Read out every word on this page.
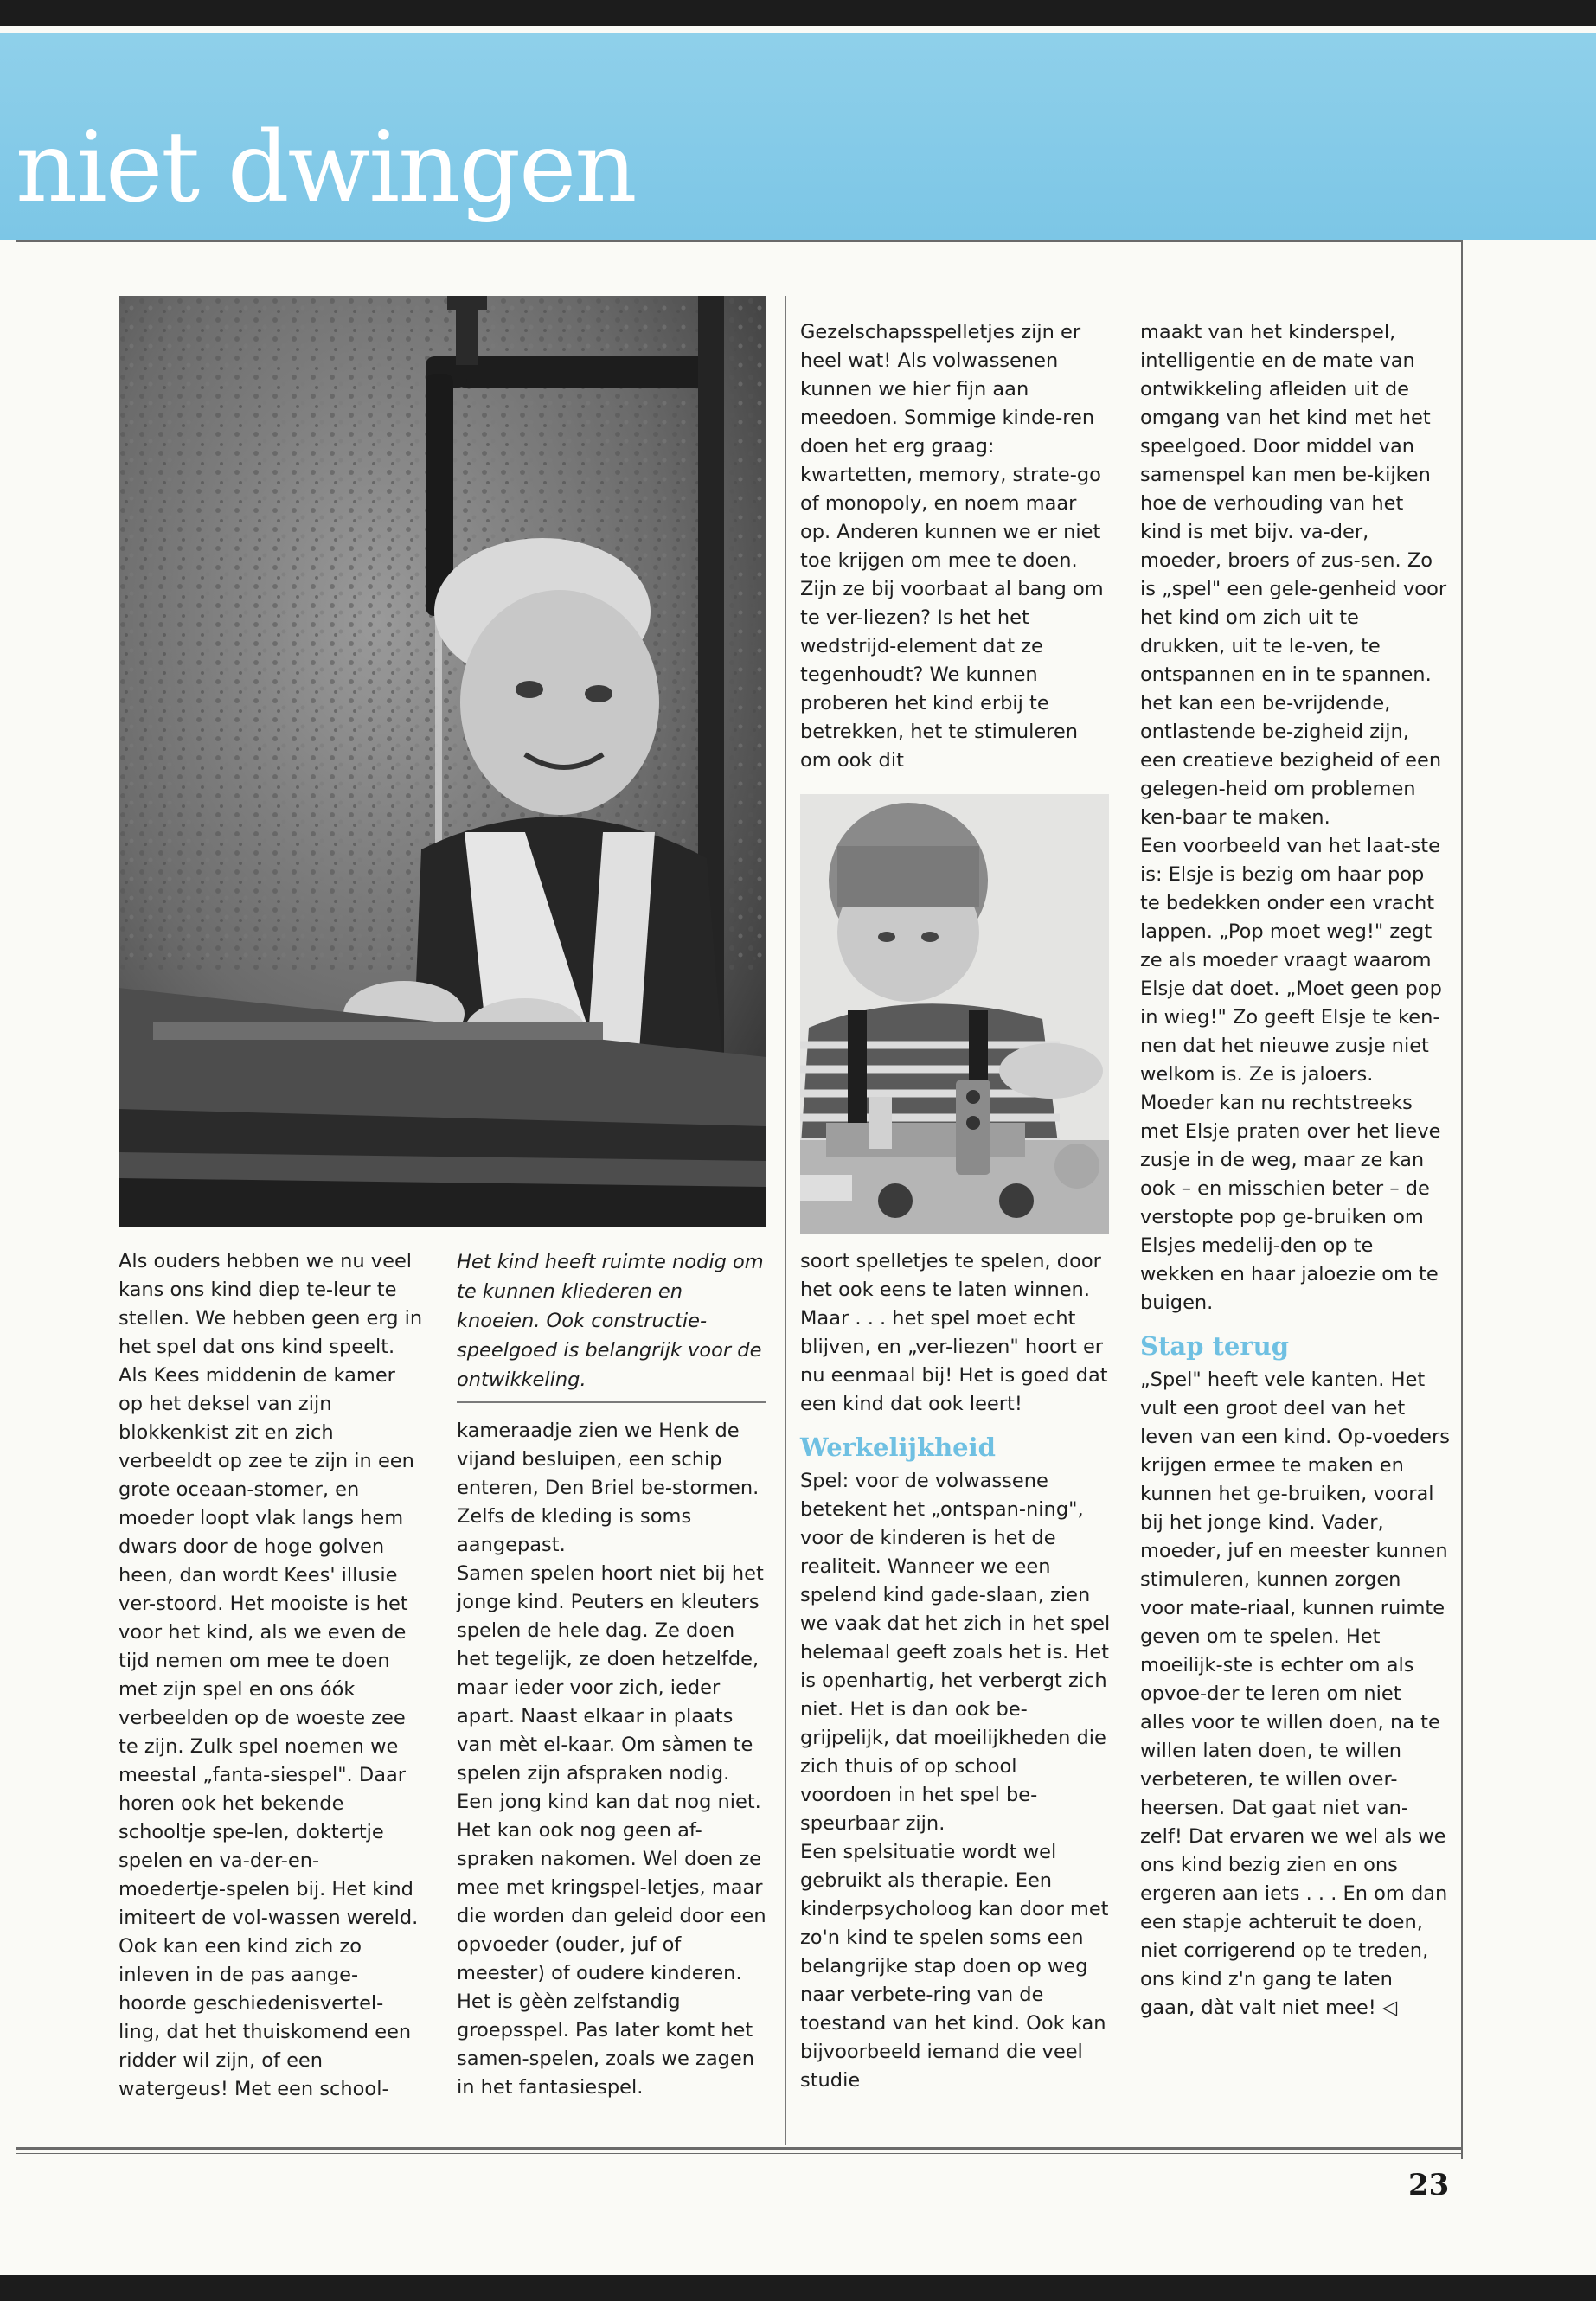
niet dwingen

Als ouders hebben we nu veel kans ons kind diep te-leur te stellen. We hebben geen erg in het spel dat ons kind speelt. Als Kees middenin de kamer op het deksel van zijn blokkenkist zit en zich verbeeldt op zee te zijn in een grote oceaan-stomer, en moeder loopt vlak langs hem dwars door de hoge golven heen, dan wordt Kees' illusie ver-stoord. Het mooiste is het voor het kind, als we even de tijd nemen om mee te doen met zijn spel en ons óók verbeelden op de woeste zee te zijn. Zulk spel noemen we meestal „fanta-siespel". Daar horen ook het bekende schooltje spe-len, doktertje spelen en va-der-en-moedertje-spelen bij. Het kind imiteert de vol-wassen wereld.

Ook kan een kind zich zo inleven in de pas aange-hoorde geschiedenisvertel-ling, dat het thuiskomend een ridder wil zijn, of een watergeus! Met een school-

Het kind heeft ruimte nodig om te kunnen kliederen en knoeien. Ook constructie-speelgoed is belangrijk voor de ontwikkeling.

kameraadje zien we Henk de vijand besluipen, een schip enteren, Den Briel be-stormen. Zelfs de kleding is soms aangepast.

Samen spelen hoort niet bij het jonge kind. Peuters en kleuters spelen de hele dag. Ze doen het tegelijk, ze doen hetzelfde, maar ieder voor zich, ieder apart. Naast elkaar in plaats van mèt el-kaar. Om sàmen te spelen zijn afspraken nodig. Een jong kind kan dat nog niet. Het kan ook nog geen af-spraken nakomen. Wel doen ze mee met kringspel-letjes, maar die worden dan geleid door een opvoeder (ouder, juf of meester) of oudere kinderen. Het is gèèn zelfstandig groepsspel. Pas later komt het samen-spelen, zoals we zagen in het fantasiespel.

Gezelschapsspelletjes zijn er heel wat! Als volwassenen kunnen we hier fijn aan meedoen. Sommige kinde-ren doen het erg graag: kwartetten, memory, strate-go of monopoly, en noem maar op. Anderen kunnen we er niet toe krijgen om mee te doen. Zijn ze bij voorbaat al bang om te ver-liezen? Is het het wedstrijd-element dat ze tegenhoudt? We kunnen proberen het kind erbij te betrekken, het te stimuleren om ook dit

soort spelletjes te spelen, door het ook eens te laten winnen. Maar . . . het spel moet echt blijven, en „ver-liezen" hoort er nu eenmaal bij! Het is goed dat een kind dat ook leert!

Werkelijkheid

Spel: voor de volwassene betekent het „ontspan-ning", voor de kinderen is het de realiteit. Wanneer we een spelend kind gade-slaan, zien we vaak dat het zich in het spel helemaal geeft zoals het is. Het is openhartig, het verbergt zich niet. Het is dan ook be-grijpelijk, dat moeilijkheden die zich thuis of op school voordoen in het spel be-speurbaar zijn.

Een spelsituatie wordt wel gebruikt als therapie. Een kinderpsycholoog kan door met zo'n kind te spelen soms een belangrijke stap doen op weg naar verbete-ring van de toestand van het kind. Ook kan bijvoorbeeld iemand die veel studie

maakt van het kinderspel, intelligentie en de mate van ontwikkeling afleiden uit de omgang van het kind met het speelgoed. Door middel van samenspel kan men be-kijken hoe de verhouding van het kind is met bijv. va-der, moeder, broers of zus-sen. Zo is „spel" een gele-genheid voor het kind om zich uit te drukken, uit te le-ven, te ontspannen en in te spannen. het kan een be-vrijdende, ontlastende be-zigheid zijn, een creatieve bezigheid of een gelegen-heid om problemen ken-baar te maken.

Een voorbeeld van het laat-ste is: Elsje is bezig om haar pop te bedekken onder een vracht lappen. „Pop moet weg!" zegt ze als moeder vraagt waarom Elsje dat doet. „Moet geen pop in wieg!" Zo geeft Elsje te ken-nen dat het nieuwe zusje niet welkom is. Ze is jaloers. Moeder kan nu rechtstreeks met Elsje praten over het lieve zusje in de weg, maar ze kan ook – en misschien beter – de verstopte pop ge-bruiken om Elsjes medelij-den op te wekken en haar jaloezie om te buigen.

Stap terug

„Spel" heeft vele kanten. Het vult een groot deel van het leven van een kind. Op-voeders krijgen ermee te maken en kunnen het ge-bruiken, vooral bij het jonge kind. Vader, moeder, juf en meester kunnen stimuleren, kunnen zorgen voor mate-riaal, kunnen ruimte geven om te spelen. Het moeilijk-ste is echter om als opvoe-der te leren om niet alles voor te willen doen, na te willen laten doen, te willen verbeteren, te willen over-heersen. Dat gaat niet van-zelf! Dat ervaren we wel als we ons kind bezig zien en ons ergeren aan iets . . . En om dan een stapje achteruit te doen, niet corrigerend op te treden, ons kind z'n gang te laten gaan, dàt valt niet mee! ◁

23
